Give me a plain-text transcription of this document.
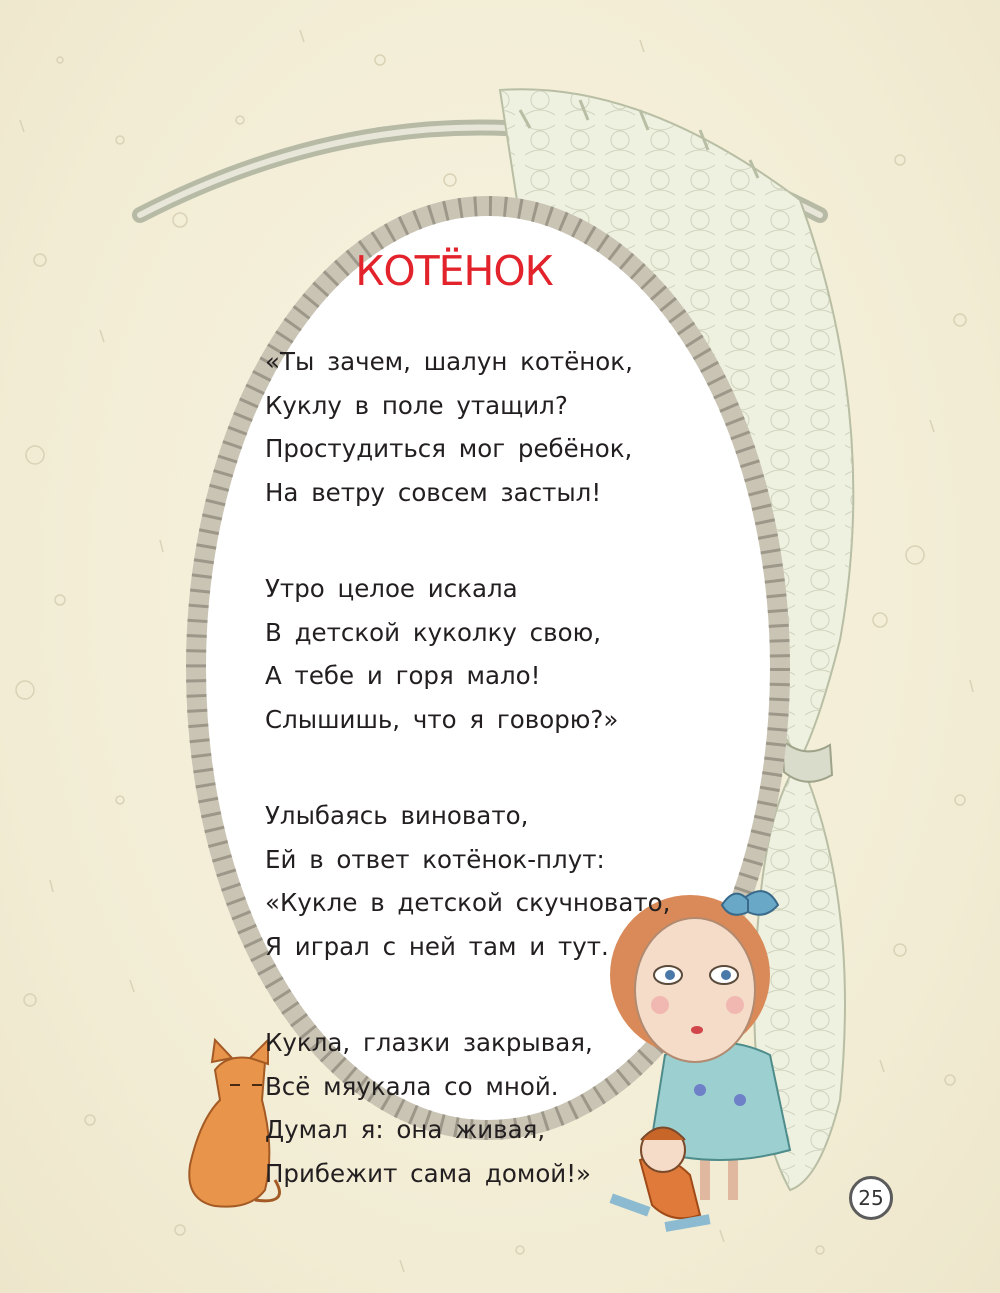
КОТЁНОК
«Ты зачем, шалун котёнок,
Куклу в поле утащил?
Простудиться мог ребёнок,
На ветру совсем застыл!
Утро целое искала
В детской куколку свою,
А тебе и горя мало!
Слышишь, что я говорю?»
Улыбаясь виновато,
Ей в ответ котёнок-плут:
«Кукле в детской скучновато,
Я играл с ней там и тут.
Кукла, глазки закрывая,
Всё мяукала со мной.
Думал я: она живая,
Прибежит сама домой!»
25
